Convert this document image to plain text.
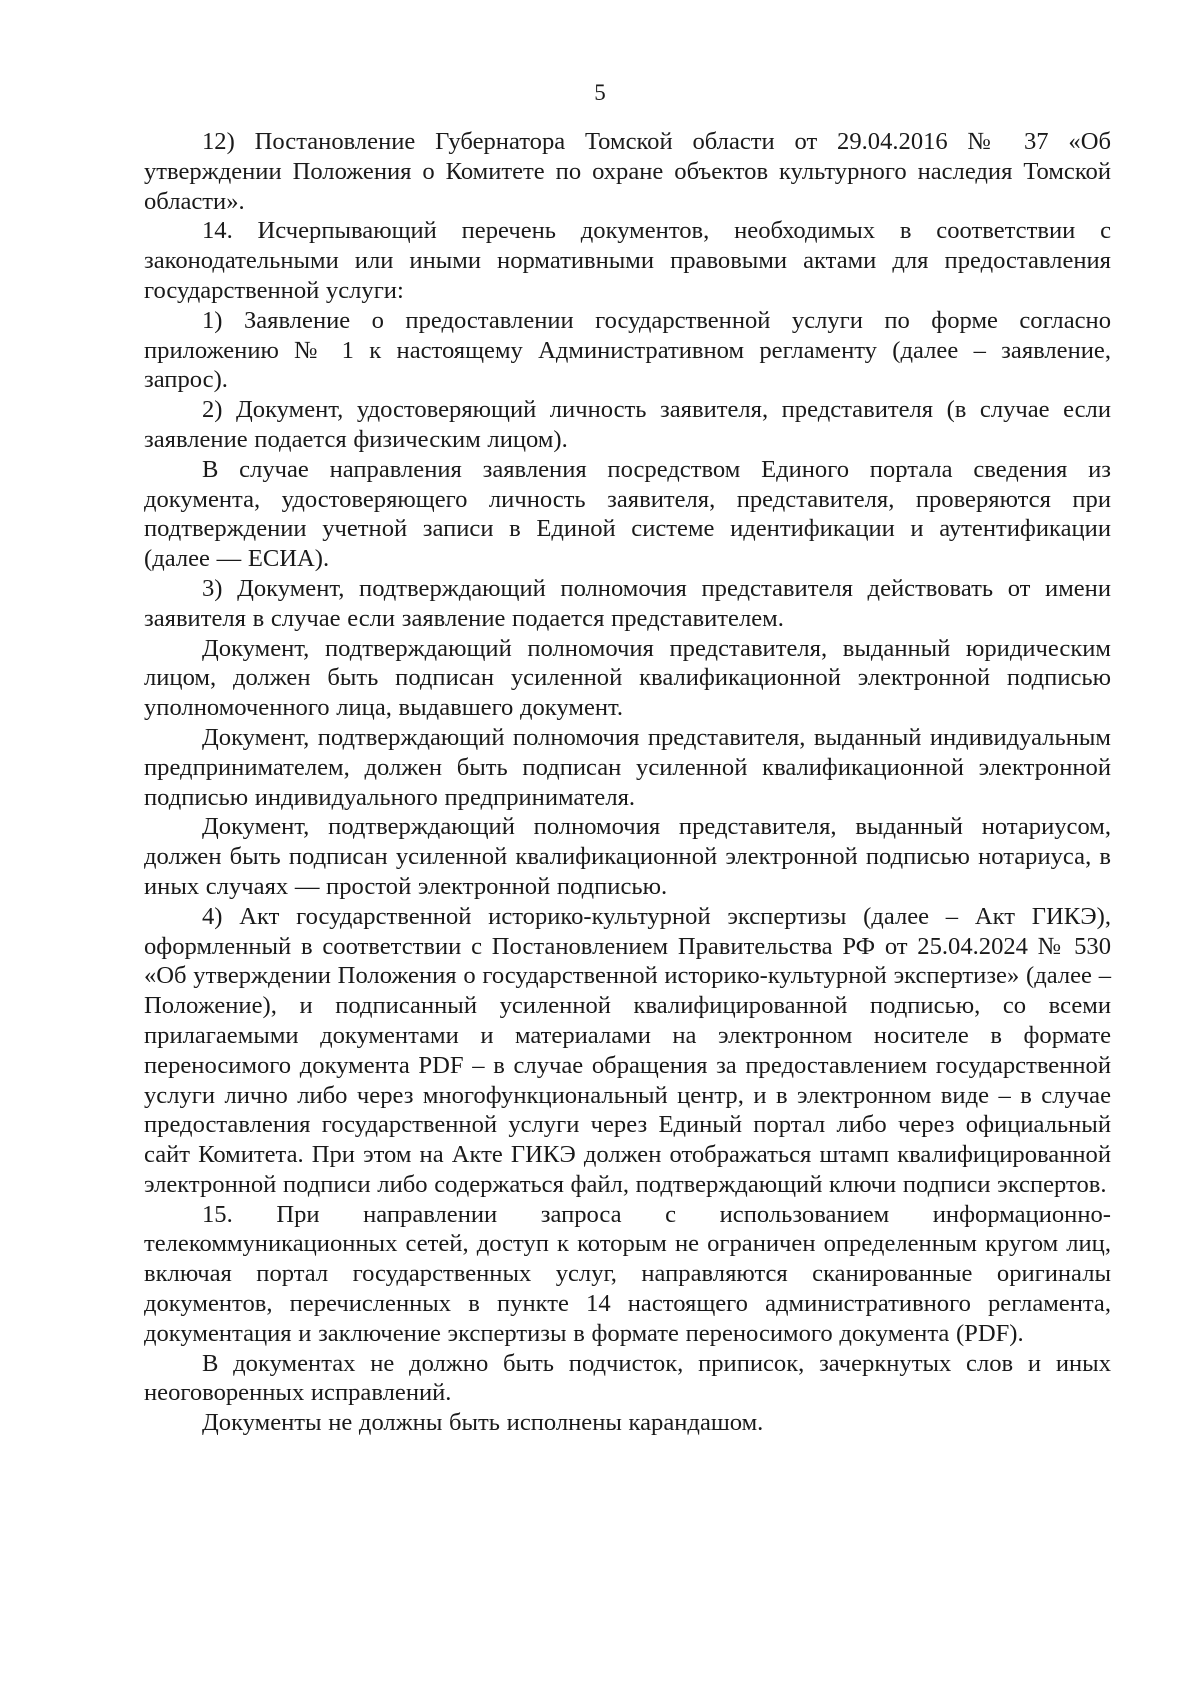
5

12) Постановление Губернатора Томской области от 29.04.2016 № 37 «Об утверждении Положения о Комитете по охране объектов культурного наследия Томской области».

14. Исчерпывающий перечень документов, необходимых в соответствии с законодательными или иными нормативными правовыми актами для предоставления государственной услуги:

1) Заявление о предоставлении государственной услуги по форме согласно приложению № 1 к настоящему Административном регламенту (далее – заявление, запрос).

2) Документ, удостоверяющий личность заявителя, представителя (в случае если заявление подается физическим лицом).

В случае направления заявления посредством Единого портала сведения из документа, удостоверяющего личность заявителя, представителя, проверяются при подтверждении учетной записи в Единой системе идентификации и аутентификации (далее — ЕСИА).

3) Документ, подтверждающий полномочия представителя действовать от имени заявителя в случае если заявление подается представителем.

Документ, подтверждающий полномочия представителя, выданный юридическим лицом, должен быть подписан усиленной квалификационной электронной подписью уполномоченного лица, выдавшего документ.

Документ, подтверждающий полномочия представителя, выданный индивидуальным предпринимателем, должен быть подписан усиленной квалификационной электронной подписью индивидуального предпринимателя.

Документ, подтверждающий полномочия представителя, выданный нотариусом, должен быть подписан усиленной квалификационной электронной подписью нотариуса, в иных случаях — простой электронной подписью.

4) Акт государственной историко-культурной экспертизы (далее – Акт ГИКЭ), оформленный в соответствии с Постановлением Правительства РФ от 25.04.2024 № 530 «Об утверждении Положения о государственной историко-культурной экспертизе» (далее – Положение), и подписанный усиленной квалифицированной подписью, со всеми прилагаемыми документами и материалами на электронном носителе в формате переносимого документа PDF – в случае обращения за предоставлением государственной услуги лично либо через многофункциональный центр, и в электронном виде – в случае предоставления государственной услуги через Единый портал либо через официальный сайт Комитета. При этом на Акте ГИКЭ должен отображаться штамп квалифицированной электронной подписи либо содержаться файл, подтверждающий ключи подписи экспертов.

15. При направлении запроса с использованием информационно-телекоммуникационных сетей, доступ к которым не ограничен определенным кругом лиц, включая портал государственных услуг, направляются сканированные оригиналы документов, перечисленных в пункте 14 настоящего административного регламента, документация и заключение экспертизы в формате переносимого документа (PDF).

В документах не должно быть подчисток, приписок, зачеркнутых слов и иных неоговоренных исправлений.

Документы не должны быть исполнены карандашом.
